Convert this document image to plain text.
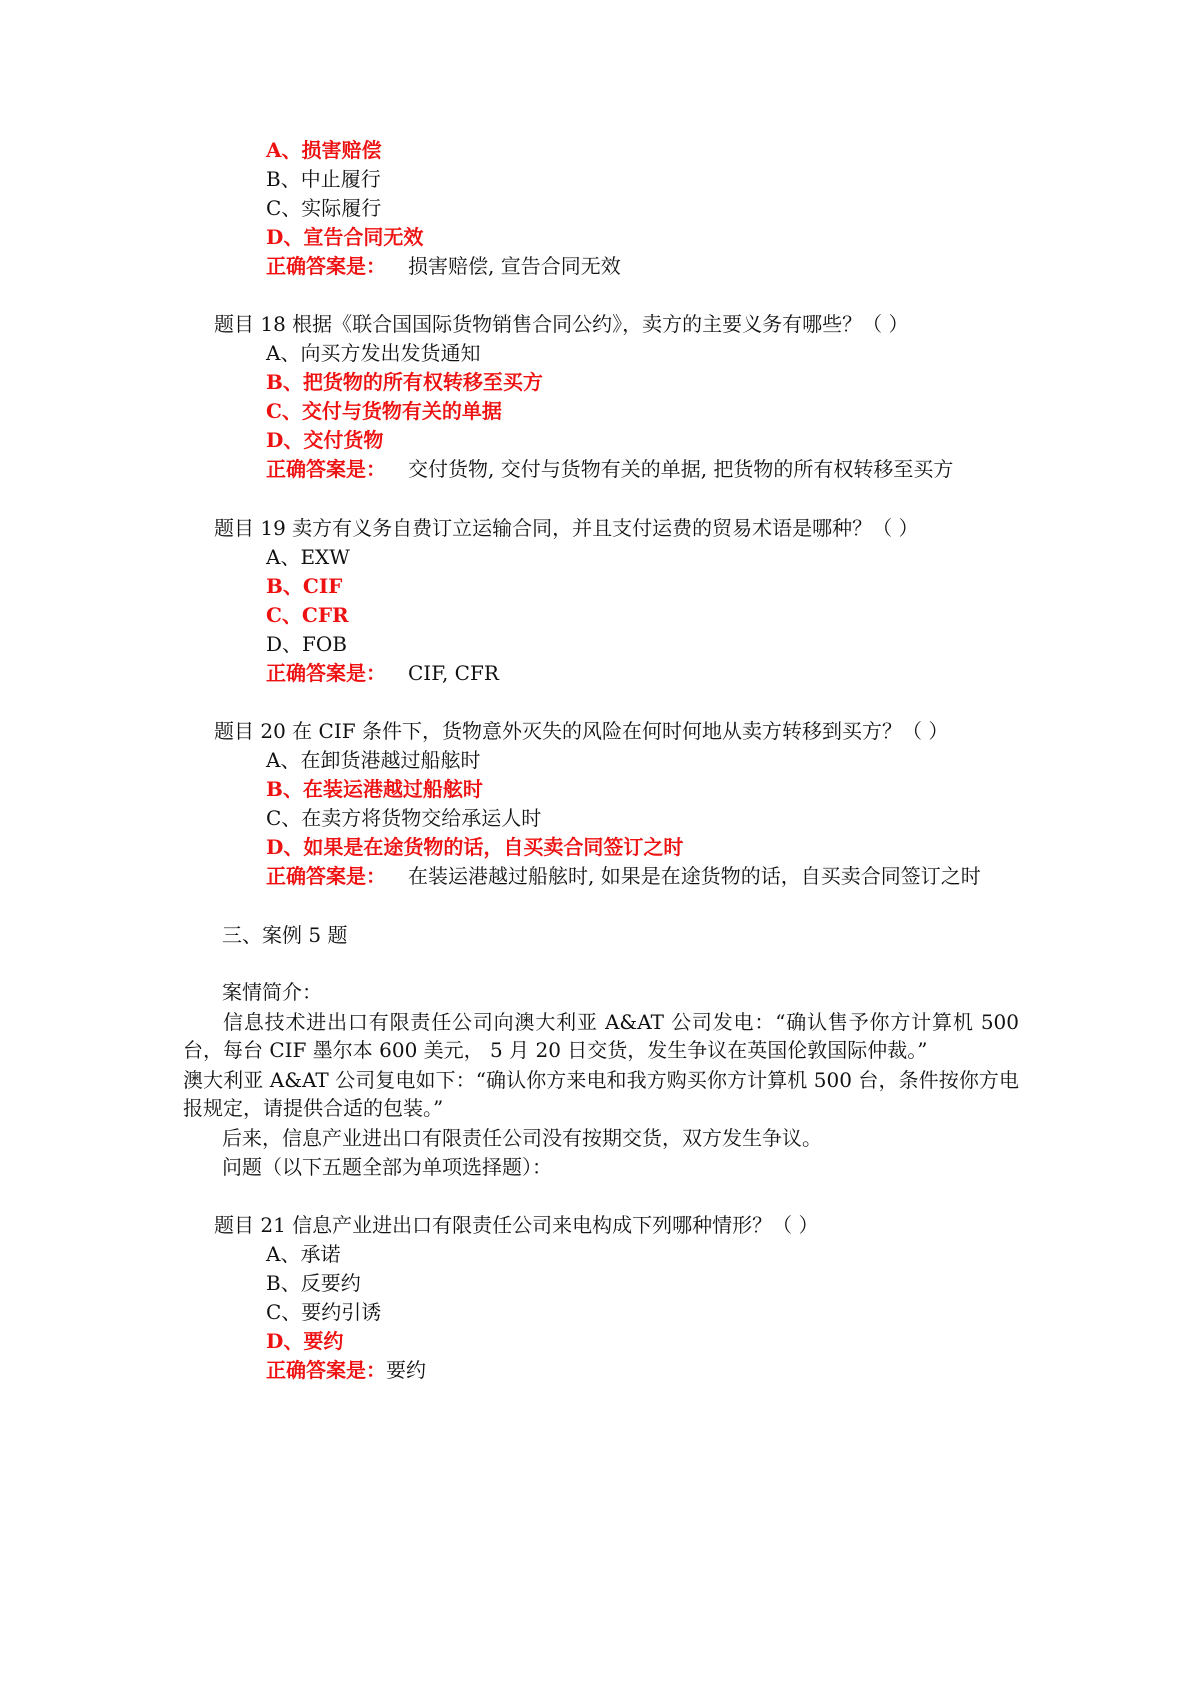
A、损害赔偿
B、中止履行
C、实际履行
D、宣告合同无效
正确答案是： 损害赔偿, 宣告合同无效
题目 18 根据《联合国国际货物销售合同公约》，卖方的主要义务有哪些？（ ）
A、向买方发出发货通知
B、把货物的所有权转移至买方
C、交付与货物有关的单据
D、交付货物
正确答案是： 交付货物, 交付与货物有关的单据, 把货物的所有权转移至买方
题目 19 卖方有义务自费订立运输合同，并且支付运费的贸易术语是哪种？（ ）
A、EXW
B、CIF
C、CFR
D、FOB
正确答案是： CIF, CFR
题目 20 在 CIF 条件下，货物意外灭失的风险在何时何地从卖方转移到买方？（ ）
A、在卸货港越过船舷时
B、在装运港越过船舷时
C、在卖方将货物交给承运人时
D、如果是在途货物的话，自买卖合同签订之时
正确答案是： 在装运港越过船舷时, 如果是在途货物的话，自买卖合同签订之时
三、案例 5 题
案情简介：
信息技术进出口有限责任公司向澳大利亚 A&AT 公司发电：“确认售予你方计算机 500 台，每台 CIF 墨尔本 600 美元， 5 月 20 日交货，发生争议在英国伦敦国际仲裁。”
澳大利亚 A&AT 公司复电如下：“确认你方来电和我方购买你方计算机 500 台，条件按你方电报规定，请提供合适的包装。”
后来，信息产业进出口有限责任公司没有按期交货，双方发生争议。
问题（以下五题全部为单项选择题）：
题目 21 信息产业进出口有限责任公司来电构成下列哪种情形？（ ）
A、承诺
B、反要约
C、要约引诱
D、要约
正确答案是：要约
